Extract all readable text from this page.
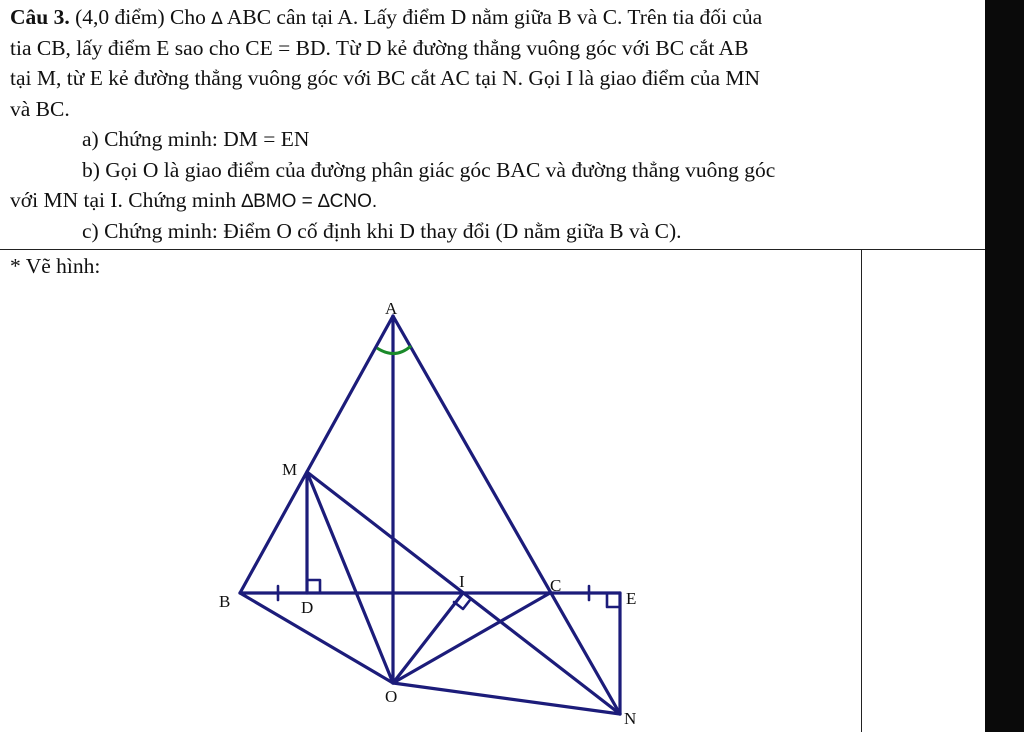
Câu 3. (4,0 điểm) Cho ∆ ABC cân tại A. Lấy điểm D nằm giữa B và C. Trên tia đối của
tia CB, lấy điểm E sao cho CE = BD. Từ D kẻ đường thẳng vuông góc với BC cắt AB
tại M, từ E kẻ đường thẳng vuông góc với BC cắt AC tại N. Gọi I là giao điểm của MN
và BC.
a) Chứng minh: DM = EN
b) Gọi O là giao điểm của đường phân giác góc BAC và đường thẳng vuông góc
với MN tại I. Chứng minh ∆BMO = ∆CNO.
c) Chứng minh: Điểm O cố định khi D thay đổi (D nằm giữa B và C).
* Vẽ hình:
A
M
B	D
I	C
E
O
N
